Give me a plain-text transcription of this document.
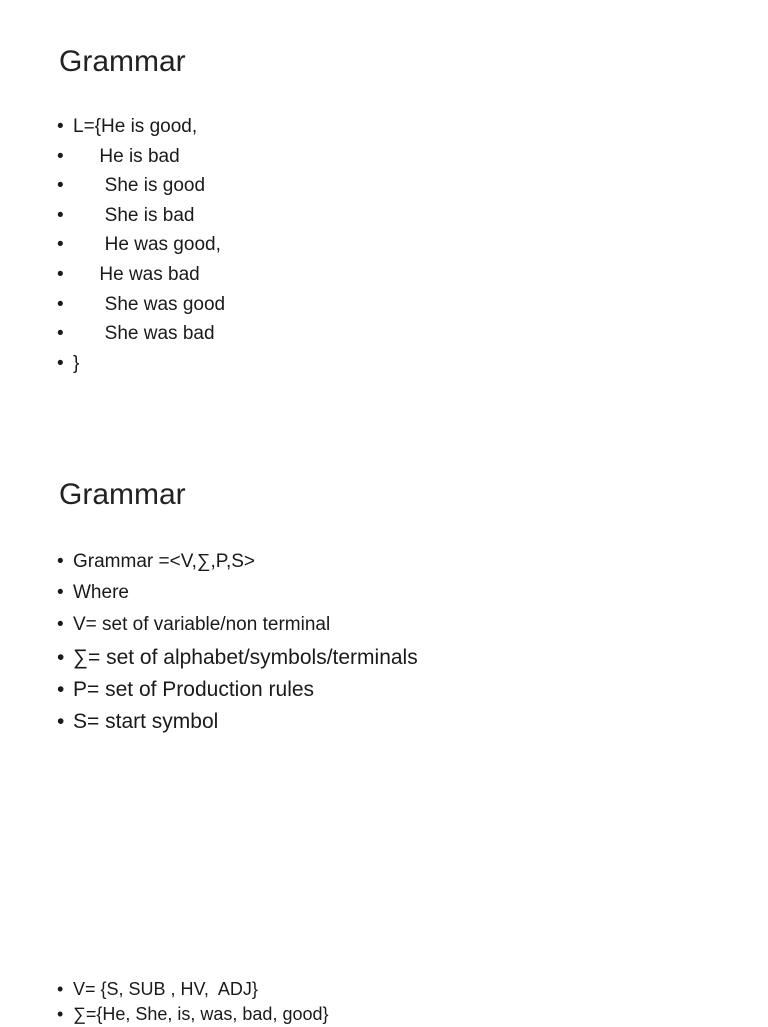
Grammar
• L={He is good,
• He is bad
• She is good
• She is bad
• He was good,
• He was bad
• She was good
• She was bad
• }
Grammar
• Grammar =<V,∑,P,S>
• Where
• V= set of variable/non terminal
• ∑= set of alphabet/symbols/terminals
• P= set of Production rules
• S= start symbol
• V= {S, SUB , HV,  ADJ}
• ∑={He, She, is, was, bad, good}
